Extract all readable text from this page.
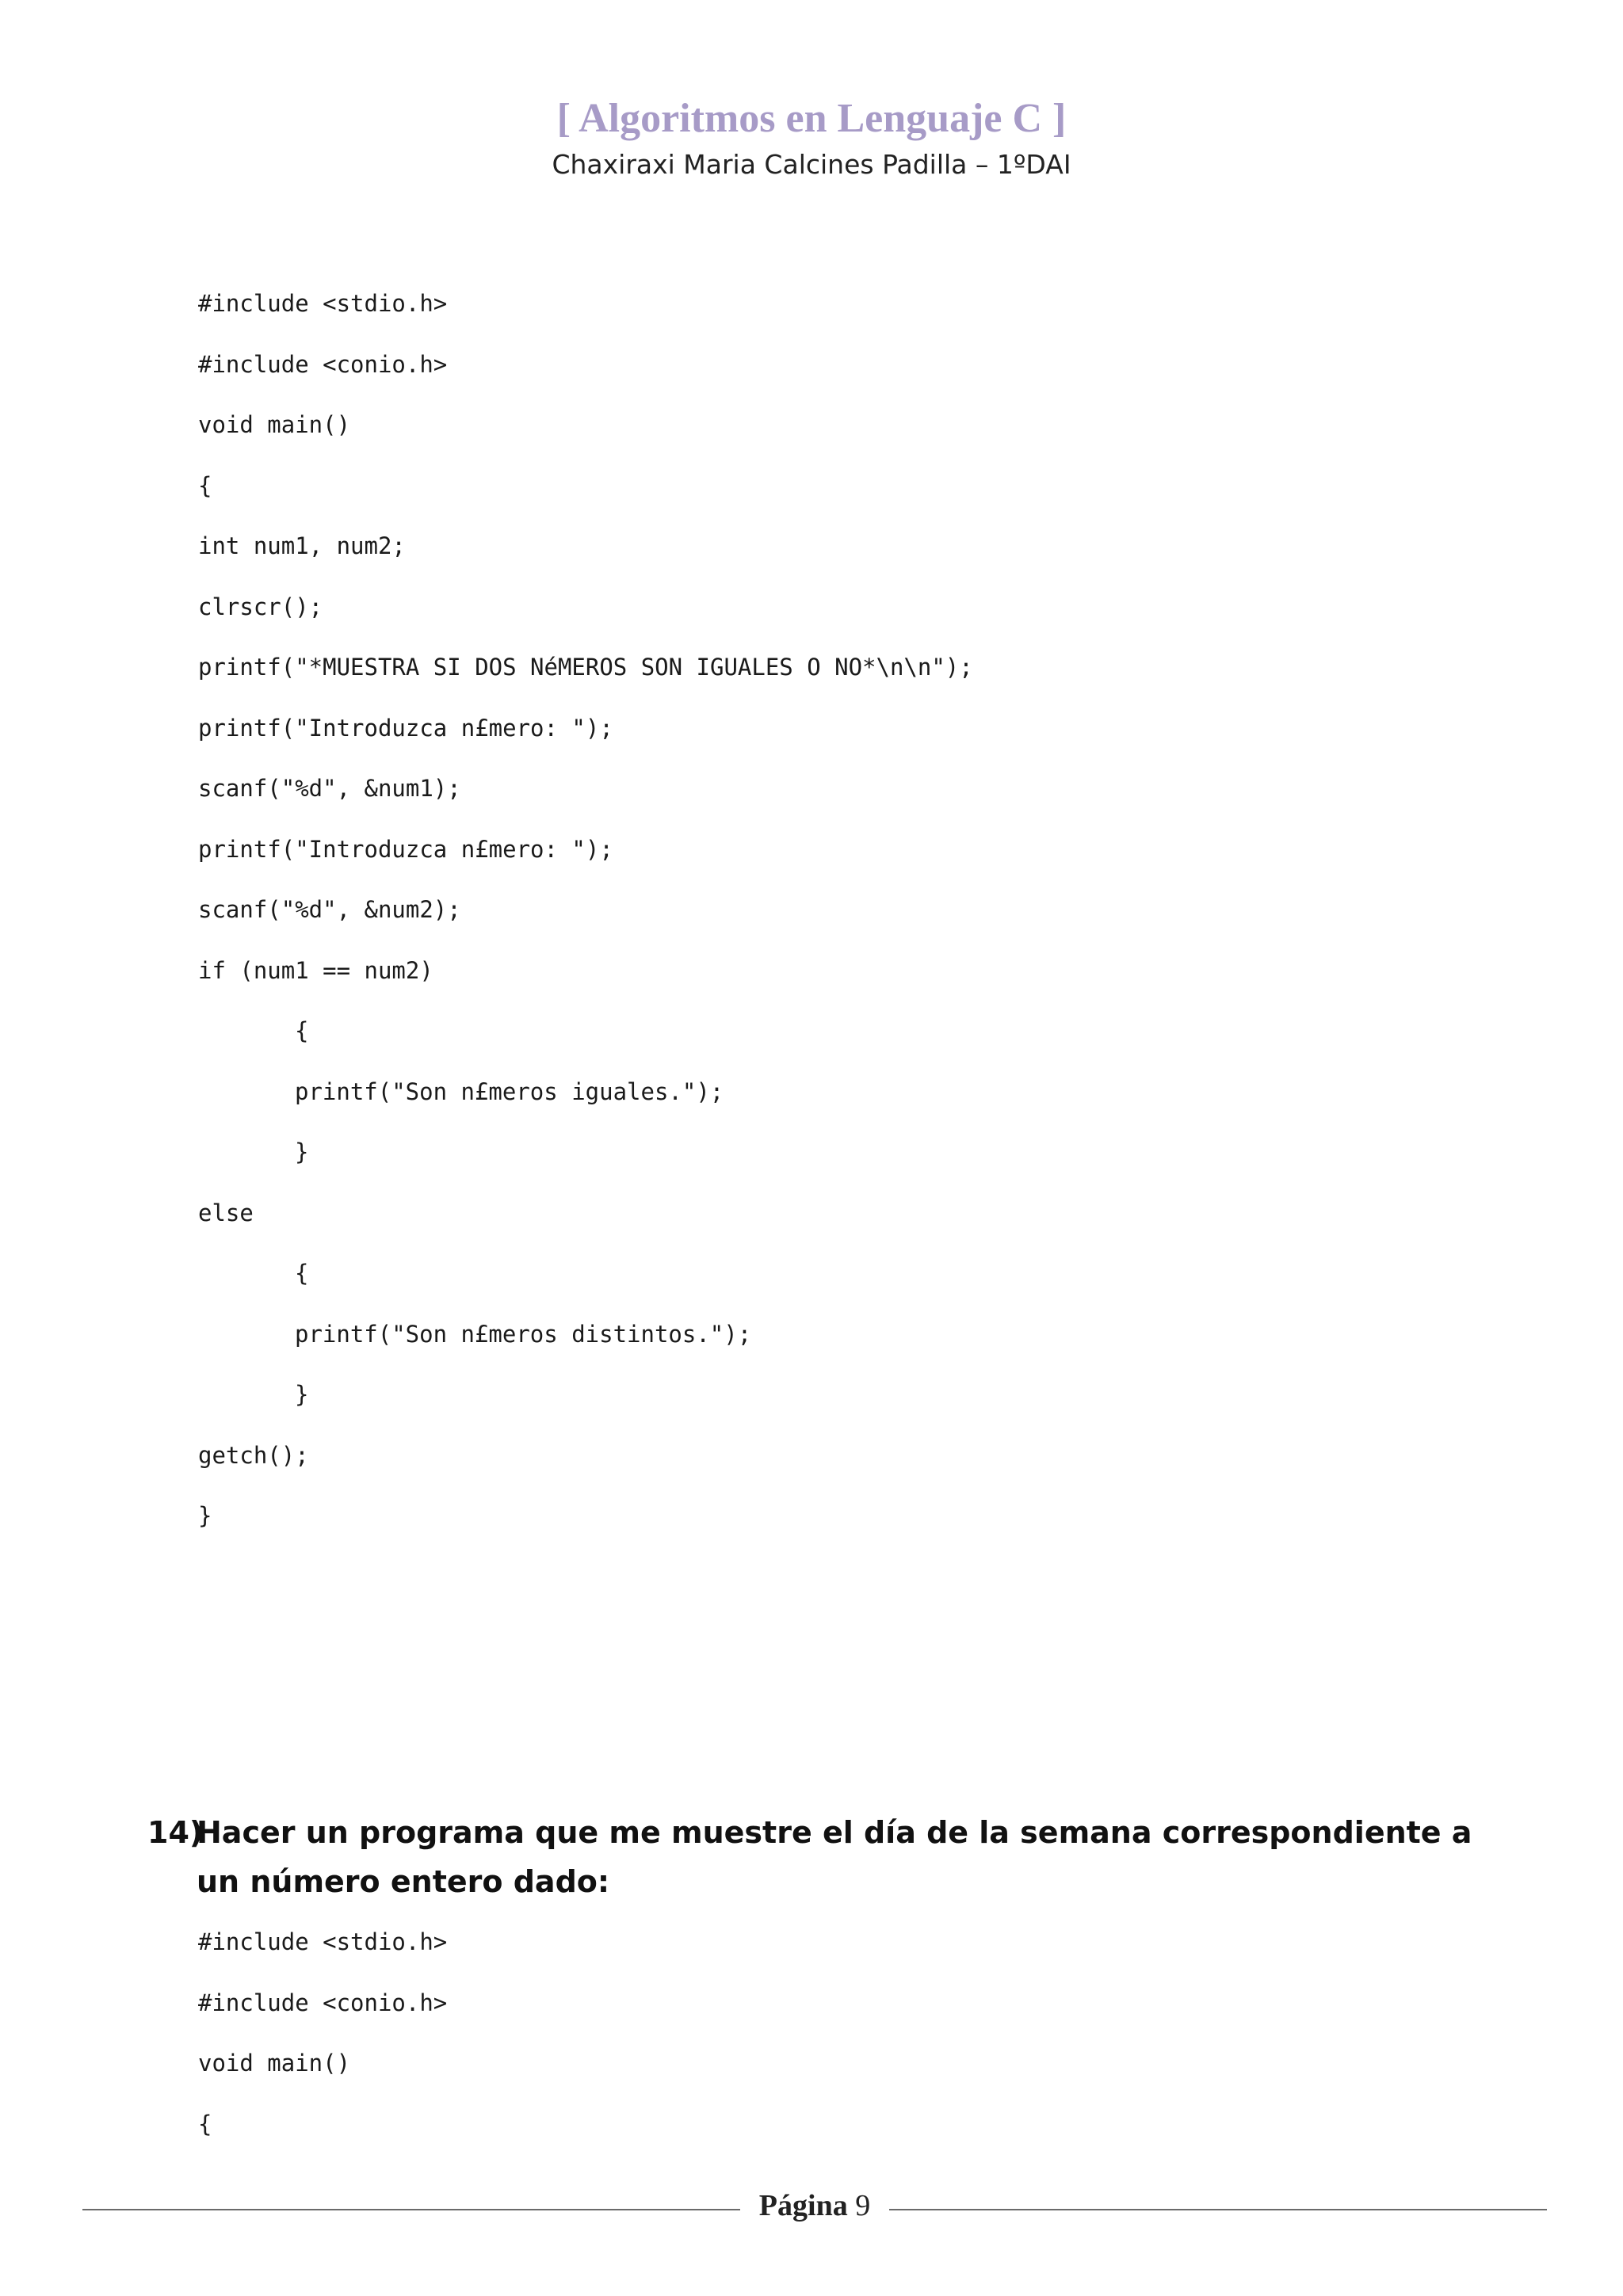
[ Algoritmos en Lenguaje C ]
Chaxiraxi Maria Calcines Padilla – 1ºDAI
#include <stdio.h>
#include <conio.h>
void main()
{
int num1, num2;
clrscr();
printf("*MUESTRA SI DOS NéMEROS SON IGUALES O NO*\n\n");
printf("Introduzca n£mero: ");
scanf("%d", &num1);
printf("Introduzca n£mero: ");
scanf("%d", &num2);
if (num1 == num2)
{
printf("Son n£meros iguales.");
}
else
{
printf("Son n£meros distintos.");
}
getch();
}
14)
Hacer un programa que me muestre el día de la semana correspondiente a un número entero dado:
#include <stdio.h>
#include <conio.h>
void main()
{
Página 9
